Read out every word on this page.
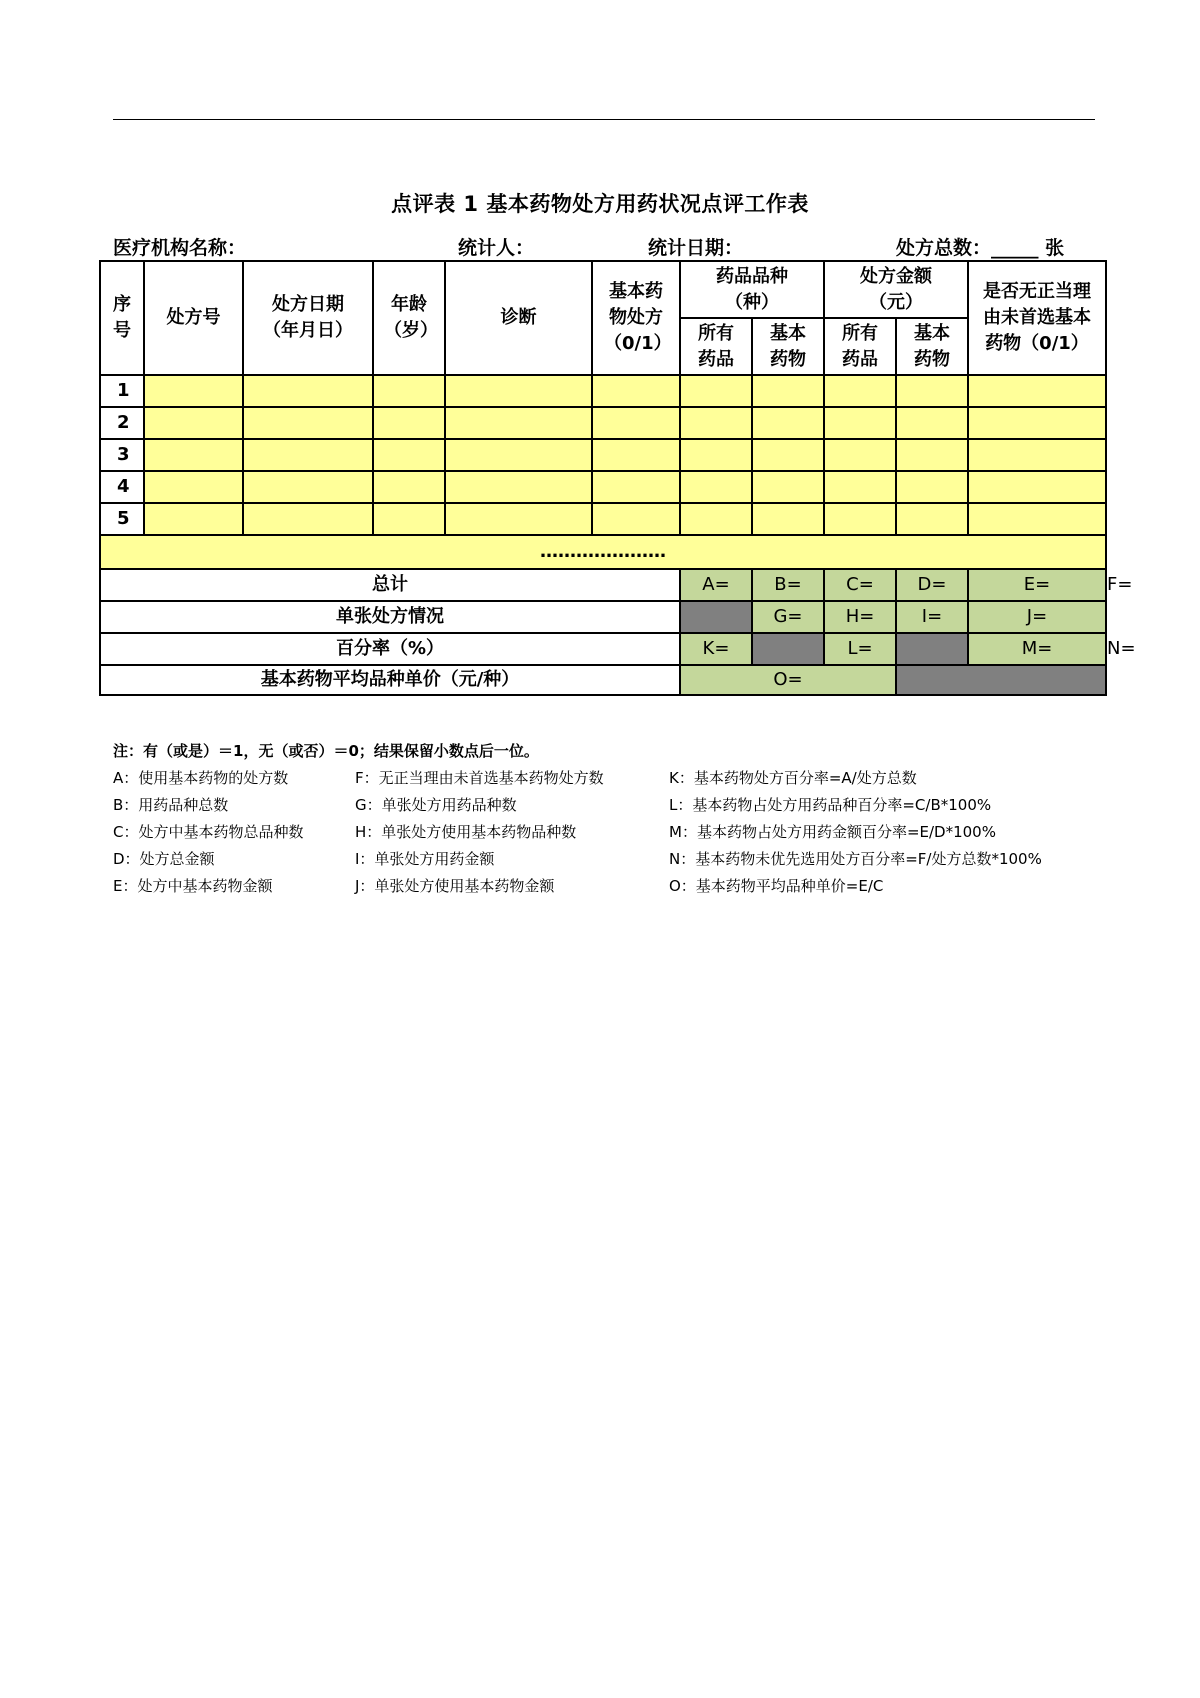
点评表 1 基本药物处方用药状况点评工作表
医疗机构名称：	统计人：	统计日期：	处方总数：_____ 张
序号	处方号	处方日期（年月日）	年龄（岁）	诊断	基本药物处方（0/1）	药品品种（种）		处方金额（元）		是否无正当理由未首选基本药物（0/1）	

						所有药品	基本药物	所有药品	基本药物		

1											
2											
3											
4											
5											
…………………											
总计						A=	B=	C=	D=	E=	F=
单张处方情况							G=	H=	I=	J=	
百分率（%）						K=		L=		M=	N=
基本药物平均品种单价（元/种）						O=					
注：有（或是）＝1，无（或否）＝0；结果保留小数点后一位。
A：使用基本药物的处方数	F：无正当理由未首选基本药物处方数	K：基本药物处方百分率=A/处方总数
B：用药品种总数	G：单张处方用药品种数	L：基本药物占处方用药品种百分率=C/B*100%
C：处方中基本药物总品种数	H：单张处方使用基本药物品种数	M：基本药物占处方用药金额百分率=E/D*100%
D：处方总金额	I：单张处方用药金额	N：基本药物未优先选用处方百分率=F/处方总数*100%
E：处方中基本药物金额	J：单张处方使用基本药物金额	O：基本药物平均品种单价=E/C
